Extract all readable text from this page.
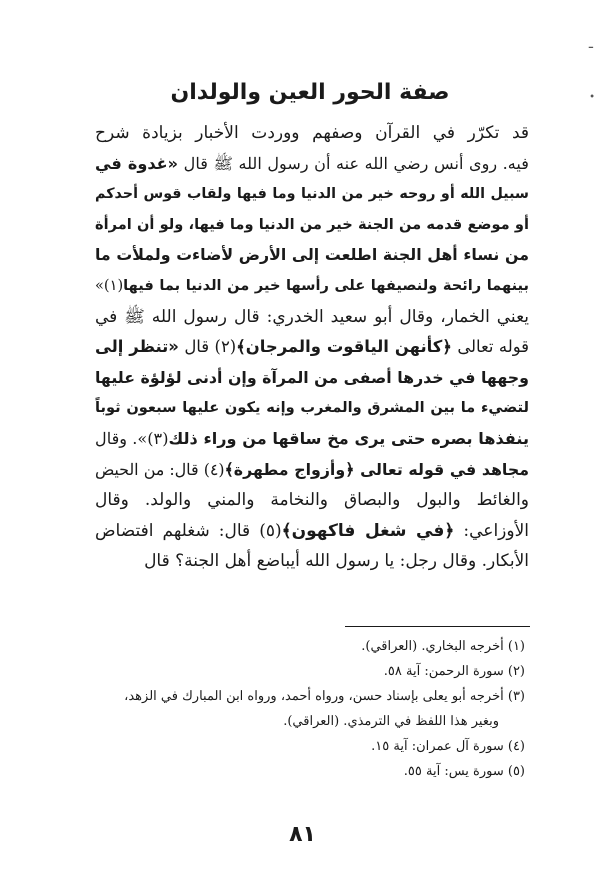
ـ
•
صفة الحور العين والولدان
قد تكرّر في القرآن وصفهم ووردت الأخبار بزيادة شرح
فيه. روى أنس رضي الله عنه أن رسول الله ﷺ قال «غدوة في
سبيل الله أو روحه خير من الدنيا وما فيها ولقاب قوس أحدكم
أو موضع قدمه من الجنة خير من الدنيا وما فيها، ولو أن امرأة
من نساء أهل الجنة اطلعت إلى الأرض لأضاءت ولملأت ما
بينهما رائحة ولنصيفها على رأسها خير من الدنيا بما فيها(١)»
يعني الخمار، وقال أبو سعيد الخدري: قال رسول الله ﷺ في
قوله تعالى ﴿كأنهن الياقوت والمرجان﴾(٢) قال «تنظر إلى
وجهها في خدرها أصفى من المرآة وإن أدنى لؤلؤة عليها
لتضيء ما بين المشرق والمغرب وإنه يكون عليها سبعون ثوباً
ينفذها بصره حتى يرى مخ ساقها من وراء ذلك(٣)». وقال
مجاهد في قوله تعالى ﴿وأزواج مطهرة﴾(٤) قال: من الحيض
والغائط والبول والبصاق والنخامة والمني والولد. وقال
الأوزاعي: ﴿في شغل فاكهون﴾(٥) قال: شغلهم افتضاض
الأبكار. وقال رجل: يا رسول الله أيباضع أهل الجنة؟ قال
(١) أخرجه البخاري. (العراقي).
(٢) سورة الرحمن: آية ٥٨.
(٣) أخرجه أبو يعلى بإسناد حسن، ورواه أحمد، ورواه ابن المبارك في الزهد،
وبغير هذا اللفظ في الترمذي. (العراقي).
(٤) سورة آل عمران: آية ١٥.
(٥) سورة يس: آية ٥٥.
٨١
